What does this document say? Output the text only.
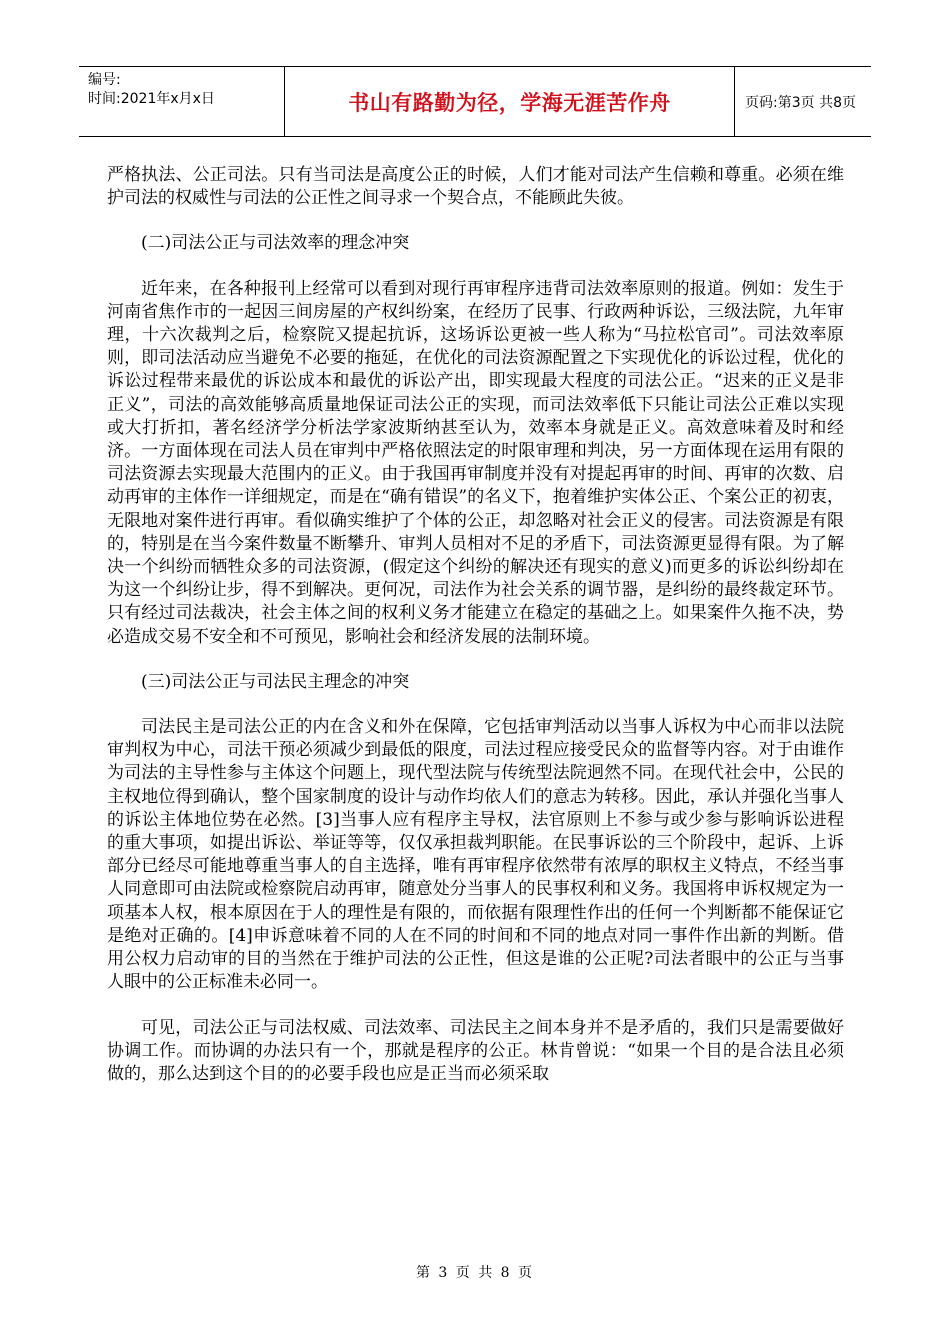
编号:
时间:2021年x月x日	书山有路勤为径，学海无涯苦作舟	页码:第3页 共8页

严格执法、公正司法。只有当司法是高度公正的时候，人们才能对司法产生信赖和尊重。必须在维护司法的权威性与司法的公正性之间寻求一个契合点，不能顾此失彼。

(二)司法公正与司法效率的理念冲突

近年来，在各种报刊上经常可以看到对现行再审程序违背司法效率原则的报道。例如：发生于河南省焦作市的一起因三间房屋的产权纠纷案，在经历了民事、行政两种诉讼，三级法院，九年审理，十六次裁判之后，检察院又提起抗诉，这场诉讼更被一些人称为“马拉松官司”。司法效率原则，即司法活动应当避免不必要的拖延，在优化的司法资源配置之下实现优化的诉讼过程，优化的诉讼过程带来最优的诉讼成本和最优的诉讼产出，即实现最大程度的司法公正。“迟来的正义是非正义”，司法的高效能够高质量地保证司法公正的实现，而司法效率低下只能让司法公正难以实现或大打折扣，著名经济学分析法学家波斯纳甚至认为，效率本身就是正义。高效意味着及时和经济。一方面体现在司法人员在审判中严格依照法定的时限审理和判决，另一方面体现在运用有限的司法资源去实现最大范围内的正义。由于我国再审制度并没有对提起再审的时间、再审的次数、启动再审的主体作一详细规定，而是在“确有错误”的名义下，抱着维护实体公正、个案公正的初衷，无限地对案件进行再审。看似确实维护了个体的公正，却忽略对社会正义的侵害。司法资源是有限的，特别是在当今案件数量不断攀升、审判人员相对不足的矛盾下，司法资源更显得有限。为了解决一个纠纷而牺牲众多的司法资源，(假定这个纠纷的解决还有现实的意义)而更多的诉讼纠纷却在为这一个纠纷让步，得不到解决。更何况，司法作为社会关系的调节器，是纠纷的最终裁定环节。只有经过司法裁决，社会主体之间的权利义务才能建立在稳定的基础之上。如果案件久拖不决，势必造成交易不安全和不可预见，影响社会和经济发展的法制环境。

(三)司法公正与司法民主理念的冲突

司法民主是司法公正的内在含义和外在保障，它包括审判活动以当事人诉权为中心而非以法院审判权为中心，司法干预必须减少到最低的限度，司法过程应接受民众的监督等内容。对于由谁作为司法的主导性参与主体这个问题上，现代型法院与传统型法院迥然不同。在现代社会中，公民的主权地位得到确认，整个国家制度的设计与动作均依人们的意志为转移。因此，承认并强化当事人的诉讼主体地位势在必然。[3]当事人应有程序主导权，法官原则上不参与或少参与影响诉讼进程的重大事项，如提出诉讼、举证等等，仅仅承担裁判职能。在民事诉讼的三个阶段中，起诉、上诉部分已经尽可能地尊重当事人的自主选择，唯有再审程序依然带有浓厚的职权主义特点，不经当事人同意即可由法院或检察院启动再审，随意处分当事人的民事权利和义务。我国将申诉权规定为一项基本人权，根本原因在于人的理性是有限的，而依据有限理性作出的任何一个判断都不能保证它是绝对正确的。[4]申诉意味着不同的人在不同的时间和不同的地点对同一事件作出新的判断。借用公权力启动审的目的当然在于维护司法的公正性，但这是谁的公正呢?司法者眼中的公正与当事人眼中的公正标准未必同一。

可见，司法公正与司法权威、司法效率、司法民主之间本身并不是矛盾的，我们只是需要做好协调工作。而协调的办法只有一个，那就是程序的公正。林肯曾说：“如果一个目的是合法且必须做的，那么达到这个目的的必要手段也应是正当而必须采取

第 3 页 共 8 页
